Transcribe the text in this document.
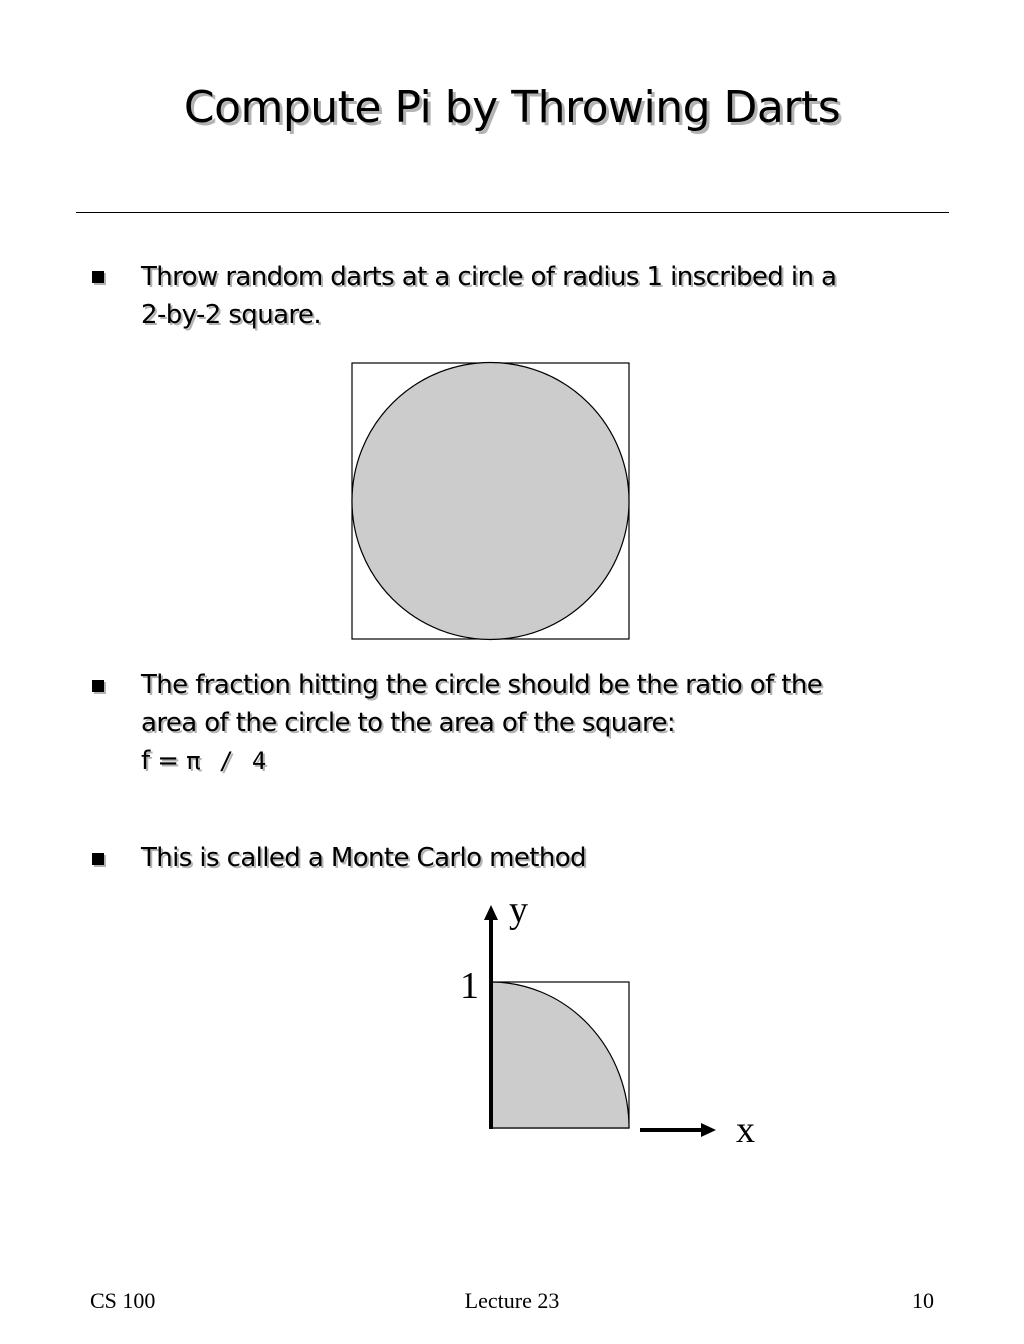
Compute Pi by Throwing Darts
Throw random darts at a circle of radius 1 inscribed in a
2-by-2 square.
The fraction hitting the circle should be the ratio of the
area of the circle to the area of the square:
f = π / 4
This is called a Monte Carlo method
y
x
1
CS 100	Lecture 23	10
